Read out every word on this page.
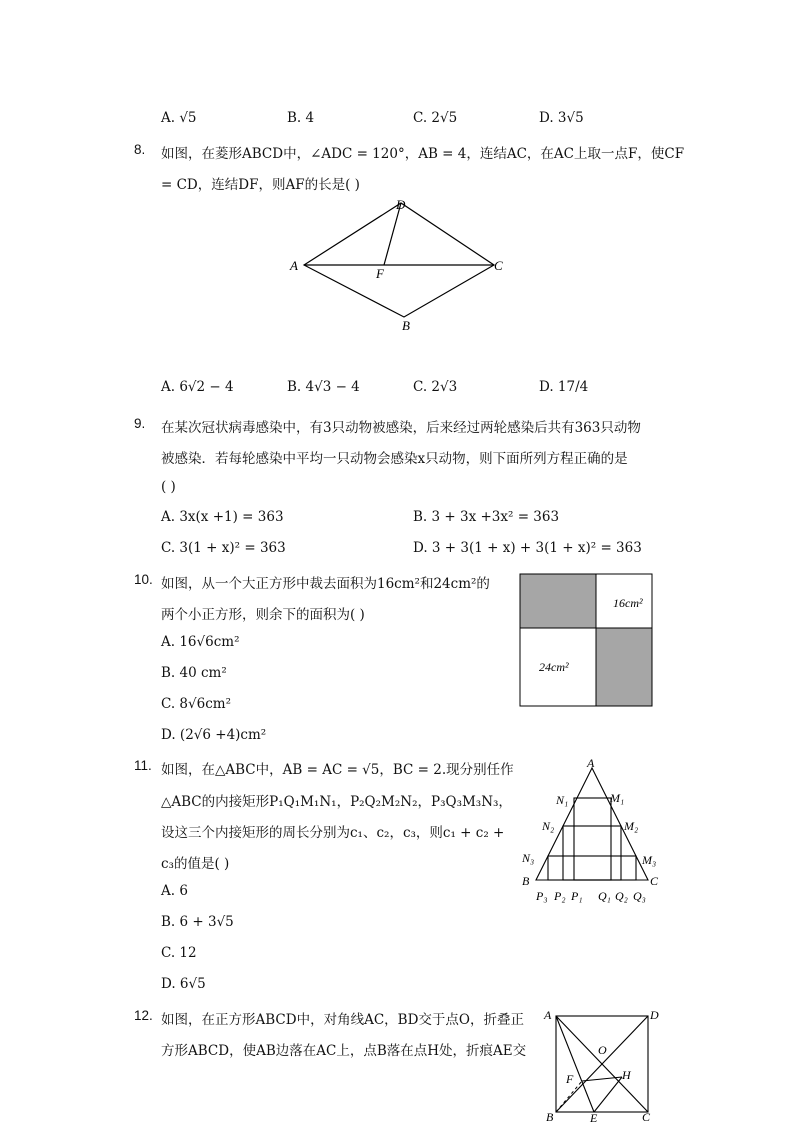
A. √5	B. 4	C. 2√5	D. 3√5
8. 如图，在菱形ABCD中，∠ADC = 120°，AB = 4，连结AC，在AC上取一点F，使CF
= CD，连结DF，则AF的长是( )
D
A
F
C
B
A. 6√2 − 4	B. 4√3 − 4	C. 2√3	D. 17/4
9. 在某次冠状病毒感染中，有3只动物被感染，后来经过两轮感染后共有363只动物
被感染．若每轮感染中平均一只动物会感染x只动物，则下面所列方程正确的是
( )
A. 3x(x +1) = 363	B. 3 + 3x +3x² = 363
C. 3(1 + x)² = 363	D. 3 + 3(1 + x) + 3(1 + x)² = 363
10. 如图，从一个大正方形中裁去面积为16cm²和24cm²的
两个小正方形，则余下的面积为( )
A. 16√6cm²
B. 40 cm²
C. 8√6cm²
D. (2√6 +4)cm²
16cm²
24cm²
11. 如图，在△ABC中，AB = AC = √5，BC = 2.现分别任作
△ABC的内接矩形P₁Q₁M₁N₁，P₂Q₂M₂N₂，P₃Q₃M₃N₃，
设这三个内接矩形的周长分别为c₁、c₂，c₃，则c₁ + c₂ +
c₃的值是( )
A. 6
B. 6 + 3√5
C. 12
D. 6√5
A
N₁	M₁
N₂	M₂
N₃	M₃
B	C
P₃ P₂ P₁ Q₁ Q₂ Q₃
12. 如图，在正方形ABCD中，对角线AC，BD交于点O，折叠正
方形ABCD，使AB边落在AC上，点B落在点H处，折痕AE交
A	D
O
F	H
B	E	C
